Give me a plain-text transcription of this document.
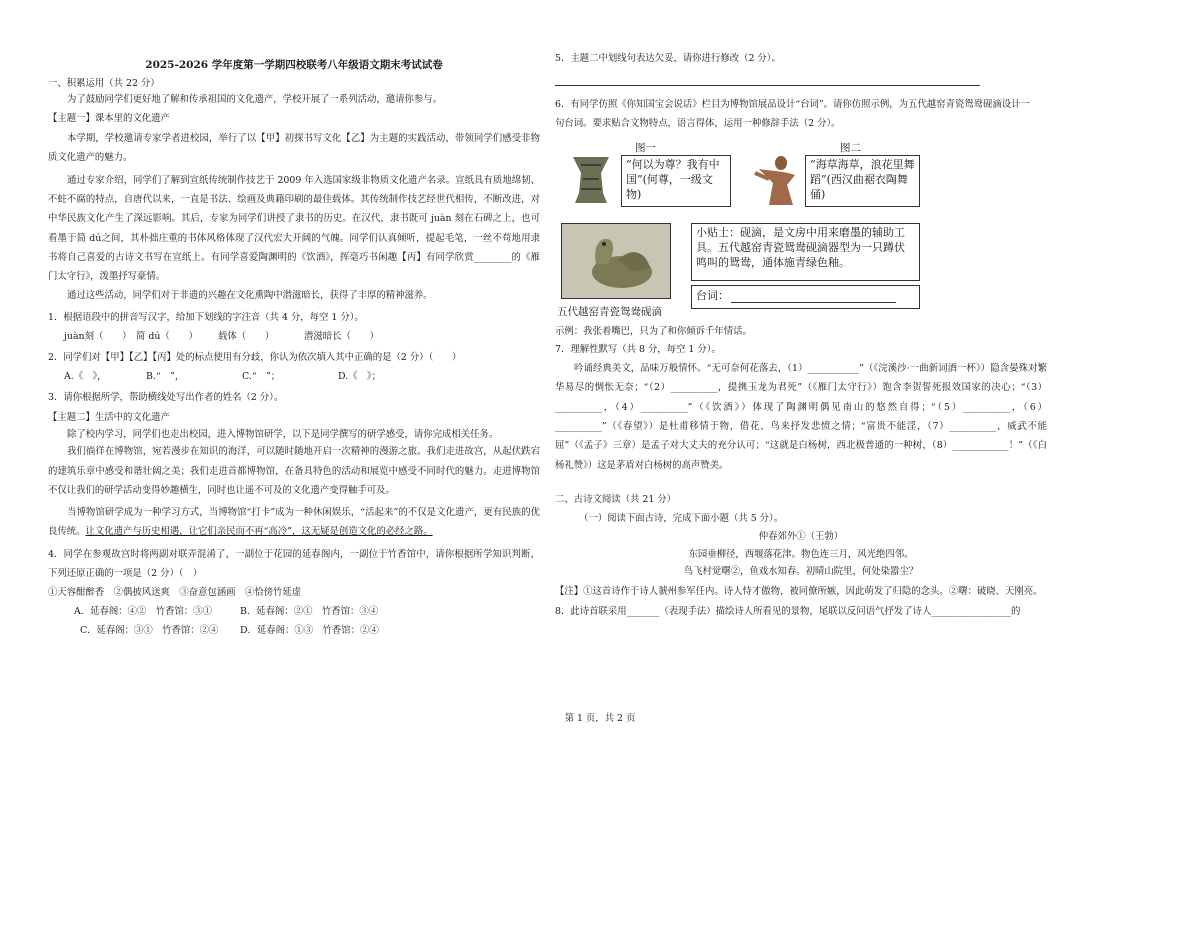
2025-2026 学年度第一学期四校联考八年级语文期末考试试卷

一、积累运用（共 22 分）

为了鼓励同学们更好地了解和传承祖国的文化遗产，学校开展了一系列活动，邀请你参与。

【主题一】课本里的文化遗产

本学期，学校邀请专家学者进校园，举行了以【甲】初探书写文化【乙】为主题的实践活动，带领同学们感受非物质文化遗产的魅力。
通过专家介绍，同学们了解到宣纸传统制作技艺于 2009 年入选国家级非物质文化遗产名录。宣纸具有质地绵韧、不蛀不腐的特点，自唐代以来，一直是书法、绘画及典籍印刷的最佳载体。其传统制作技艺经世代相传，不断改进，对中华民族文化产生了深远影响。其后，专家为同学们讲授了隶书的历史。在汉代，隶书既可 juàn 刻在石碑之上，也可看墨于简 dú之间，其朴拙庄重的书体风格体现了汉代宏大开阔的气魄。同学们认真倾听，提起毛笔，一丝不苟地用隶书将自己喜爱的古诗文书写在宣纸上。有同学喜爱陶渊明的《饮酒》，挥毫巧书闲趣【丙】有同学欣赏________的《雁门太守行》，泼墨抒写豪情。

通过这些活动，同学们对于非遗的兴趣在文化熏陶中潜滋暗长，获得了丰厚的精神滋养。

1．根据语段中的拼音写汉字，给加下划线的字注音（共 4 分，每空 1 分）。

juàn刻（　　） 简 dú（　　）	载体（　　）	潜滋暗长（　　）

2．同学们对【甲】【乙】【丙】处的标点使用有分歧，你认为依次填入其中正确的是（2 分）（　　）

A.《　》，	B.“　”，	C.“　”；	D.《　》；

3．请你根据所学，帮助横线处写出作者的姓名（2 分）。

【主题二】生活中的文化遗产

除了校内学习，同学们也走出校园，进入博物馆研学，以下是同学撰写的研学感受，请你完成相关任务。

我们徜徉在博物馆，宛若漫步在知识的海洋，可以随时随地开启一次精神的漫游之旅。我们走进故宫，从起伏跌宕的建筑乐章中感受和谐壮阔之美；我们走进首都博物馆，在备具特色的活动和展览中感受不同时代的魅力。走进博物馆不仅让我们的研学活动变得妙趣横生，同时也让遥不可及的文化遗产变得触手可及。
当博物馆研学成为一种学习方式，当博物馆“打卡”成为一种休闲娱乐，“活起来”的不仅是文化遗产，更有民族的优良传统。让文化遗产与历史相遇，让它们亲民而不再“高冷”，这无疑是创造文化的必经之路。
4．同学在参观故宫时将两副对联弄混淆了，一副位于花园的延春阁内，一副位于竹香馆中，请你根据所学知识判断，下列还原正确的一项是（2 分）（　）

①天容酣醉香　②偶披风送爽　③奋意包涵画　④恰傍竹延虚

A．延春阁：④②　竹香馆：③①	B．延春阁：②①　竹香馆：③④
C．延春阁：③①　竹香馆：②④	D．延春阁：①③　竹香馆：②④

5．主题二中划线句表达欠妥，请你进行修改（2 分）。

6．有同学仿照《你知国宝会说话》栏目为博物馆展品设计“台词”。请你仿照示例，为五代越窑青瓷鸳鸯砚滴设计一

句台词。要求贴合文物特点，语言得体，运用一种修辞手法（2 分）。

图一	图二
“何以为尊？我有中国”(何尊，一级文物)
“海草海草，浪花里舞蹈”(西汉曲裾衣陶舞俑)
小贴士：砚滴，是文房中用来磨墨的辅助工具。五代越窑青瓷鸳鸯砚滴器型为一只蹲伏鸣叫的鸳鸯，通体施青绿色釉。
台词：
五代越窑青瓷鸳鸯砚滴

示例：我张着嘴巴，只为了和你倾诉千年情话。

7．理解性默写（共 8 分，每空 1 分）。

吟诵经典美文，品味万般情怀。“无可奈何花落去，（1）___________”（《浣溪沙·一曲新词酒一杯》）隐含晏殊对繁华易尽的惆怅无奈；“（2）__________，提携玉龙为君死”（《雁门太守行》）饱含李贺誓死报效国家的决心；“（3）__________，（4）__________”（《饮酒》）体现了陶渊明偶见南山的悠然自得；“（5）__________，（6）__________”（《春望》）是杜甫移情于物，借花、鸟来抒发悲愤之情；“富贵不能淫，（7）__________，威武不能屈”（《孟子》三章）是孟子对大丈夫的充分认可；“这就是白杨树，西北极普通的一种树，（8）____________！”（《白杨礼赞》）这是茅盾对白杨树的高声赞美。

二、古诗文阅读（共 21 分）

（一）阅读下面古诗，完成下面小题（共 5 分）。

仲春郊外①（王勃）

东园垂柳径，西堰落花津。物色连三月，风光绝四邻。

鸟飞村觉曙②，鱼戏水知春。初晴山院里，何处染嚣尘？

【注】①这首诗作于诗人虢州参军任内。诗人恃才傲物，被同僚所嫉，因此萌发了归隐的念头。②曙：破晓、天刚亮。

8．此诗首联采用_______（表现手法）描绘诗人所看见的景物，尾联以反问语气抒发了诗人_________________的

第 1 页，共 2 页
